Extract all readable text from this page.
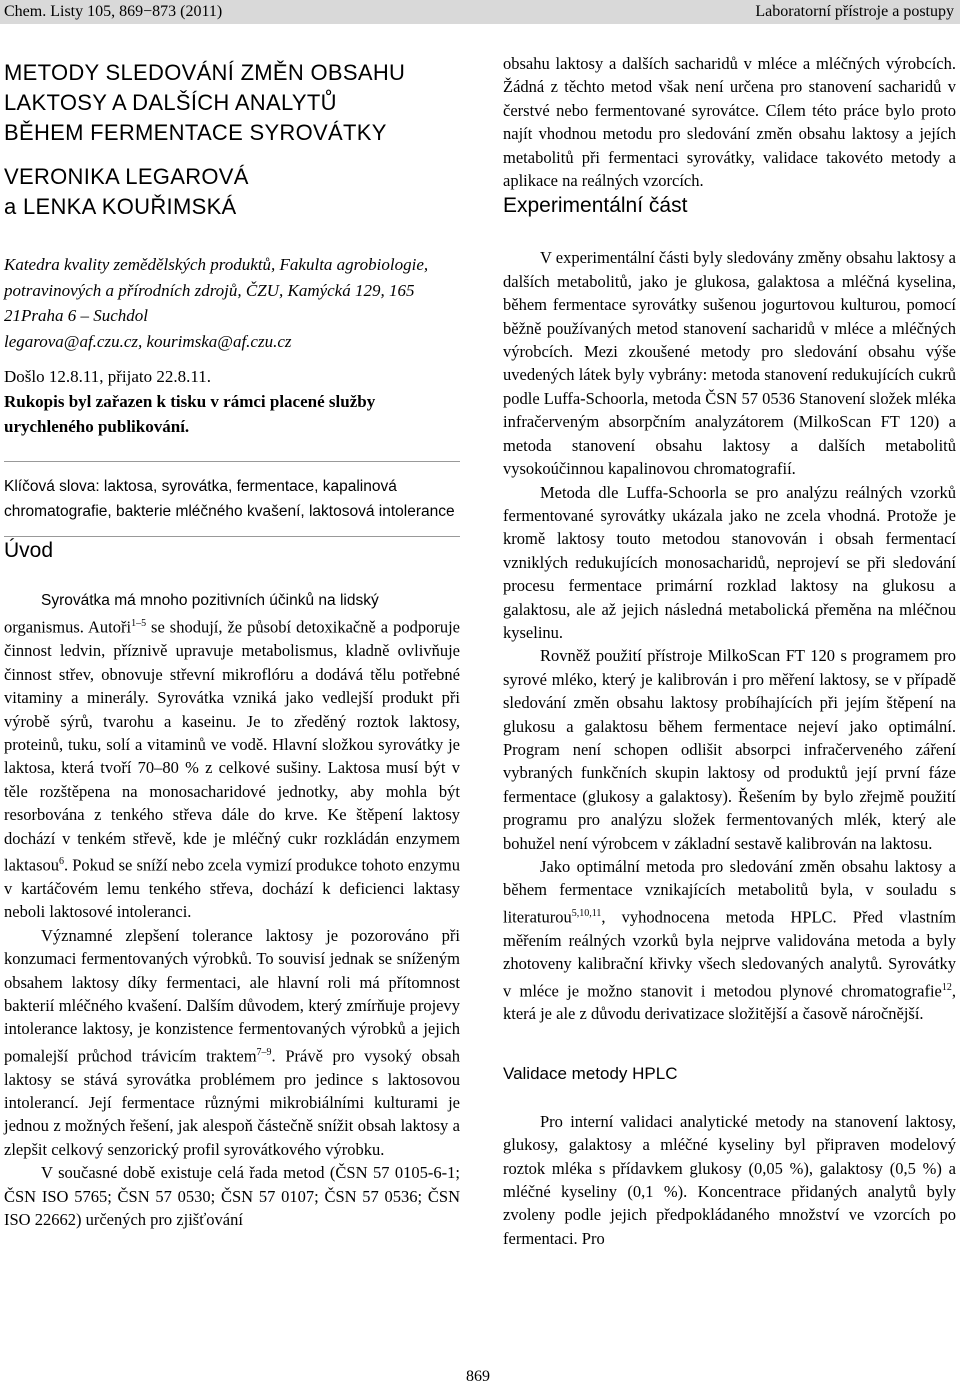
Chem. Listy 105, 869−873 (2011)	Laboratorní přístroje a postupy
METODY SLEDOVÁNÍ ZMĚN OBSAHU
LAKTOSY A DALŠÍCH ANALYTŮ
BĚHEM FERMENTACE SYROVÁTKY
VERONIKA LEGAROVÁ
a LENKA KOUŘIMSKÁ

Katedra kvality zemědělských produktů, Fakulta agrobiologie, potravinových a přírodních zdrojů, ČZU, Kamýcká 129, 165 21Praha 6 – Suchdol
legarova@af.czu.cz, kourimska@af.czu.cz

Došlo 12.8.11, přijato 22.8.11.

Rukopis byl zařazen k tisku v rámci placené služby urychleného publikování.

Klíčová slova: laktosa, syrovátka, fermentace, kapalinová chromatografie, bakterie mléčného kvašení, laktosová intolerance

Úvod

Syrovátka má mnoho pozitivních účinků na lidský
organismus. Autoři$^{1-5}$ se shodují, že působí detoxikačně a podporuje činnost ledvin, příznivě upravuje metabolismus, kladně ovlivňuje činnost střev, obnovuje střevní mikroflóru a dodává tělu potřebné vitaminy a minerály. Syrovátka vzniká jako vedlejší produkt při výrobě sýrů, tvarohu a kaseinu. Je to zředěný roztok laktosy, proteinů, tuku, solí a vitaminů ve vodě. Hlavní složkou syrovátky je laktosa, která tvoří 70–80 % z celkové sušiny. Laktosa musí být v těle rozštěpena na monosacharidové jednotky, aby mohla být resorbována z tenkého střeva dále do krve. Ke štěpení laktosy dochází v tenkém střevě, kde je mléčný cukr rozkládán enzymem laktasou$^6$. Pokud se sníží nebo zcela vymizí produkce tohoto enzymu v kartáčovém lemu tenkého střeva, dochází k deficienci laktasy neboli laktosové intoleranci.

Významné zlepšení tolerance laktosy je pozorováno při konzumaci fermentovaných výrobků. To souvisí jednak se sníženým obsahem laktosy díky fermentaci, ale hlavní roli má přítomnost bakterií mléčného kvašení. Dalším důvodem, který zmírňuje projevy intolerance laktosy, je konzistence fermentovaných výrobků a jejich pomalejší průchod trávicím traktem$^{7-9}$. Právě pro vysoký obsah laktosy se stává syrovátka problémem pro jedince s laktosovou intolerancí. Její fermentace různými mikrobiálními kulturami je jednou z možných řešení, jak alespoň částečně snížit obsah laktosy a zlepšit celkový senzorický profil syrovátkového výrobku.

V současné době existuje celá řada metod (ČSN 57 0105-6-1; ČSN ISO 5765; ČSN 57 0530; ČSN 57 0107; ČSN 57 0536; ČSN ISO 22662) určených pro zjišťování

obsahu laktosy a dalších sacharidů v mléce a mléčných výrobcích. Žádná z těchto metod však není určena pro stanovení sacharidů v čerstvé nebo fermentované syrovátce. Cílem této práce bylo proto najít vhodnou metodu pro sledování změn obsahu laktosy a jejích metabolitů při fermentaci syrovátky, validace takovéto metody a aplikace na reálných vzorcích.

Experimentální část

V experimentální části byly sledovány změny obsahu laktosy a dalších metabolitů, jako je glukosa, galaktosa a mléčná kyselina, během fermentace syrovátky sušenou jogurtovou kulturou, pomocí běžně používaných metod stanovení sacharidů v mléce a mléčných výrobcích. Mezi zkoušené metody pro sledování obsahu výše uvedených látek byly vybrány: metoda stanovení redukujících cukrů podle Luffa-Schoorla, metoda ČSN 57 0536 Stanovení složek mléka infračerveným absorpčním analyzátorem (MilkoScan FT 120) a metoda stanovení obsahu laktosy a dalších metabolitů vysokoúčinnou kapalinovou chromatografií.

Metoda dle Luffa-Schoorla se pro analýzu reálných vzorků fermentované syrovátky ukázala jako ne zcela vhodná. Protože je kromě laktosy touto metodou stanovován i obsah fermentací vzniklých redukujících monosacharidů, neprojeví se při sledování procesu fermentace primární rozklad laktosy na glukosu a galaktosu, ale až jejich následná metabolická přeměna na mléčnou kyselinu.

Rovněž použití přístroje MilkoScan FT 120 s programem pro syrové mléko, který je kalibrován i pro měření laktosy, se v případě sledování změn obsahu laktosy probíhajících při jejím štěpení na glukosu a galaktosu během fermentace nejeví jako optimální. Program není schopen odlišit absorpci infračerveného záření vybraných funkčních skupin laktosy od produktů její první fáze fermentace (glukosy a galaktosy). Řešením by bylo zřejmě použití programu pro analýzu složek fermentovaných mlék, který ale bohužel není výrobcem v základní sestavě kalibrován na laktosu.

Jako optimální metoda pro sledování změn obsahu laktosy a během fermentace vznikajících metabolitů byla, v souladu s literaturou$^{5,10,11}$, vyhodnocena metoda HPLC. Před vlastním měřením reálných vzorků byla nejprve validována metoda a byly zhotoveny kalibrační křivky všech sledovaných analytů. Syrovátky v mléce je možno stanovit i metodou plynové chromatografie$^{12}$, která je ale z důvodu derivatizace složitější a časově náročnější.

Validace metody HPLC

Pro interní validaci analytické metody na stanovení laktosy, glukosy, galaktosy a mléčné kyseliny byl připraven modelový roztok mléka s přídavkem glukosy (0,05 %), galaktosy (0,5 %) a mléčné kyseliny (0,1 %). Koncentrace přidaných analytů byly zvoleny podle jejich předpokládaného množství ve vzorcích po fermentaci. Pro

869
